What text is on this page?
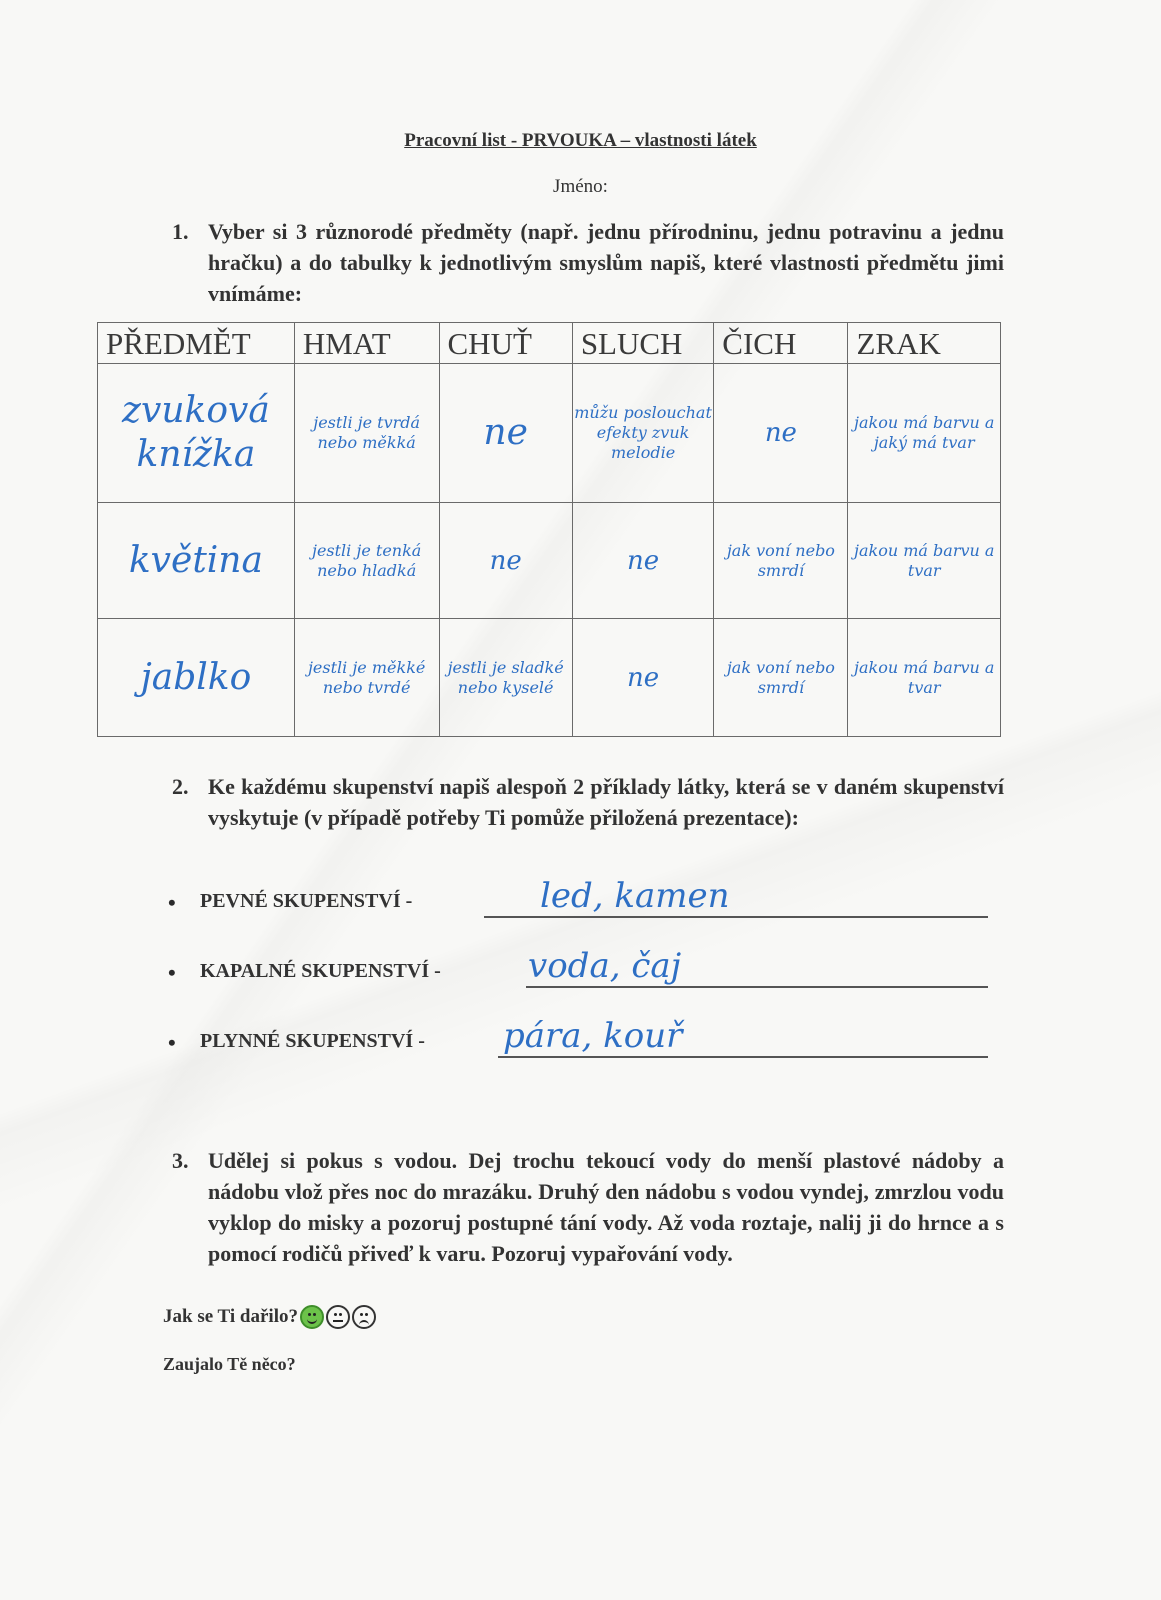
Pracovní list - PRVOUKA – vlastnosti látek
Jméno:
1. Vyber si 3 různorodé předměty (např. jednu přírodninu, jednu potravinu a jednu hračku) a do tabulky k jednotlivým smyslům napiš, které vlastnosti předmětu jimi vnímáme:
PŘEDMĚT	HMAT	CHUŤ	SLUCH	ČICH	ZRAK
zvuková knížka	jestli je tvrdá nebo měkká	ne	můžu poslouchat efekty zvuk melodie	ne	jakou má barvu a jaký má tvar
květina	jestli je tenká nebo hladká	ne	ne	jak voní nebo smrdí	jakou má barvu a tvar
jablko	jestli je měkké nebo tvrdé	jestli je sladké nebo kyselé	ne	jak voní nebo smrdí	jakou má barvu a tvar
2. Ke každému skupenství napiš alespoň 2 příklady látky, která se v daném skupenství vyskytuje (v případě potřeby Ti pomůže přiložená prezentace):
• PEVNÉ SKUPENSTVÍ -	led, kamen
• KAPALNÉ SKUPENSTVÍ -	voda, čaj
• PLYNNÉ SKUPENSTVÍ - pára, kouř
3. Udělej si pokus s vodou. Dej trochu tekoucí vody do menší plastové nádoby a nádobu vlož přes noc do mrazáku. Druhý den nádobu s vodou vyndej, zmrzlou vodu vyklop do misky a pozoruj postupné tání vody. Až voda roztaje, nalij ji do hrnce a s pomocí rodičů přiveď k varu. Pozoruj vypařování vody.
Jak se Ti dařilo?
Zaujalo Tě něco?
